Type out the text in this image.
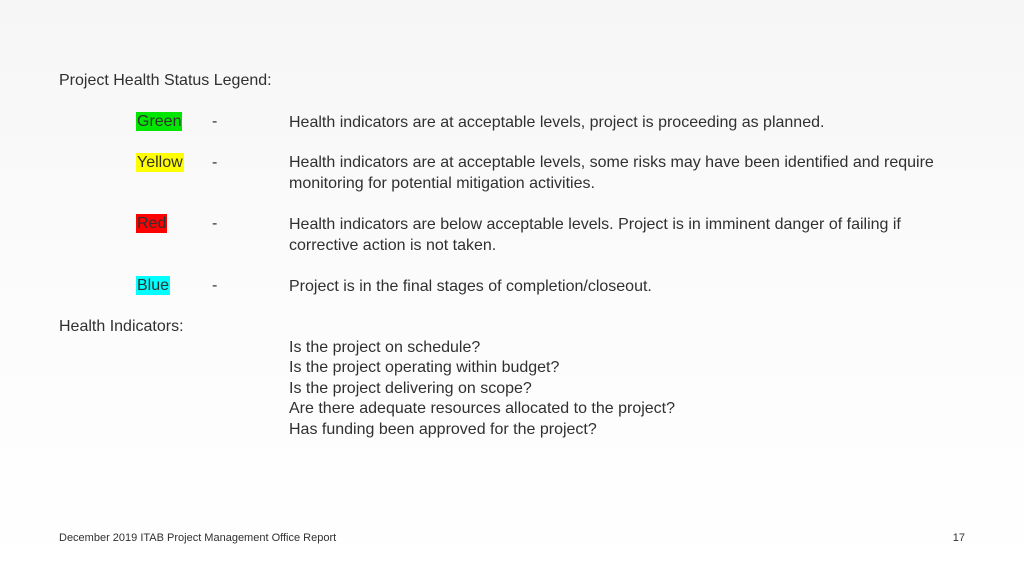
Project Health Status Legend:
Green -	Health indicators are at acceptable levels, project is proceeding as planned.
Yellow -	Health indicators are at acceptable levels, some risks may have been identified and require monitoring for potential mitigation activities.
Red	-	Health indicators are below acceptable levels. Project is in imminent danger of failing if corrective action is not taken.
Blue	-	Project is in the final stages of completion/closeout.
Health Indicators:
Is the project on schedule?
Is the project operating within budget?
Is the project delivering on scope?
Are there adequate resources allocated to the project?
Has funding been approved for the project?
December 2019 ITAB Project Management Office Report	17
